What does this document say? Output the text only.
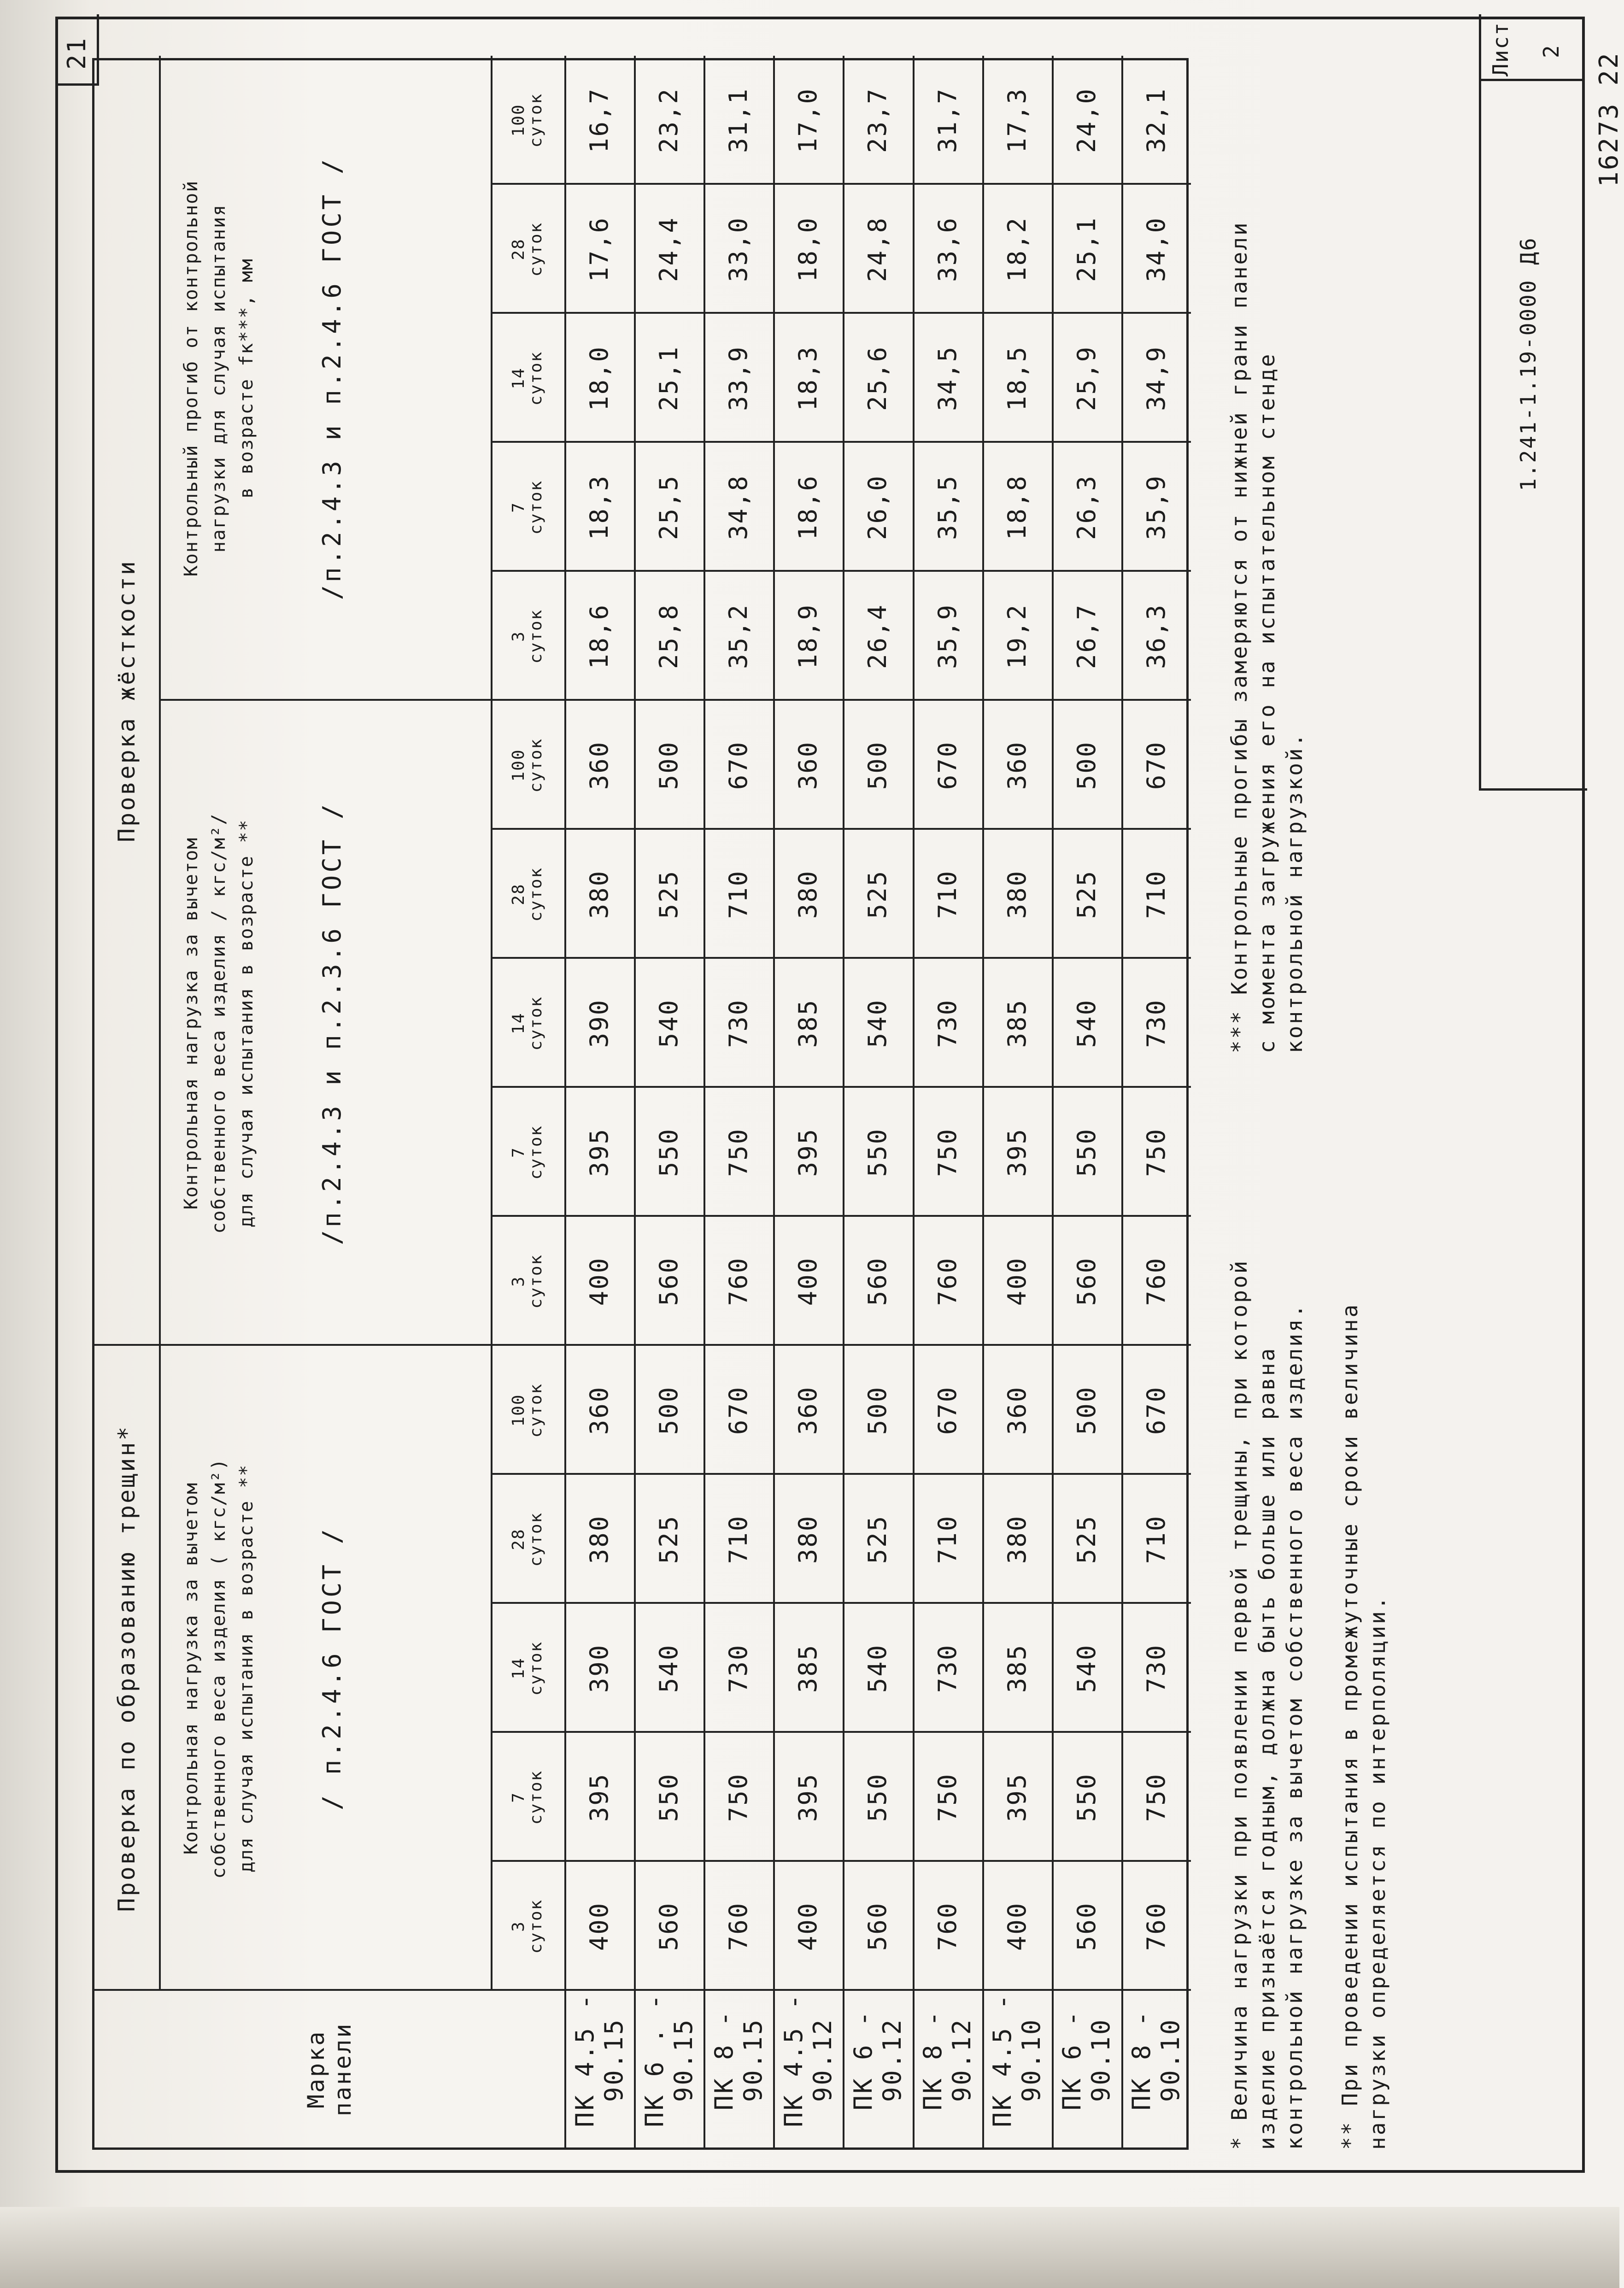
Марка панели
Проверка по образованию трещин*	Контрольная нагрузка за вычетом собственного веса изделия ( кгс/м²) для случая испытания в возрасте ** / п.2.4.6 ГОСТ /
3
суток
7
суток
14
суток
28
суток
100
суток
Проверка жёсткости
Контрольная нагрузка за вычетом собственного веса изделия / кгс/м²/ для случая испытания в возрасте ** /п.2.4.3 и п.2.3.6 ГОСТ /
3
суток
7
суток
14
суток
28
суток
100
суток
Контрольный прогиб от контрольной нагрузки для случая испытания в возрасте fк***, мм /п.2.4.3 и п.2.4.6 ГОСТ /
3
суток
7
суток
14
суток
28
суток
100
суток
ПК 4.5 - 90.15
400
395
390
380
360
400
395
390
380
360
18,6
18,3
18,0
17,6
16,7
ПК 6 . - 90.15
560
550
540
525
500
560
550
540
525
500
25,8
25,5
25,1
24,4
23,2
ПК 8 - 90.15
760
750
730
710
670
760
750
730
710
670
35,2
34,8
33,9
33,0
31,1
ПК 4.5 - 90.12
400
395
385
380
360
400
395
385
380
360
18,9
18,6
18,3
18,0
17,0
ПК 6 - 90.12
560
550
540
525
500
560
550
540
525
500
26,4
26,0
25,6
24,8
23,7
ПК 8 - 90.12
760
750
730
710
670
760
750
730
710
670
35,9
35,5
34,5
33,6
31,7
ПК 4.5 - 90.10
400
395
385
380
360
400
395
385
380
360
19,2
18,8
18,5
18,2
17,3
ПК 6 - 90.10
560
550
540
525
500
560
550
540
525
500
26,7
26,3
25,9
25,1
24,0
ПК 8 - 90.10
760
750
730
710
670
760
750
730
710
670
36,3
35,9
34,9
34,0
32,1
* Величина нагрузки при появлении первой трещины, при которой
изделие признаётся годным, должна быть больше или равна
контрольной нагрузке за вычетом собственного веса изделия.
** При проведении испытания в промежуточные сроки величина
нагрузки определяется по интерполяции.
*** Контрольные прогибы замеряются от нижней грани панели
с момента загружения его на испытательном стенде
контрольной нагрузкой.
Лист 2
1.241-1.19-0000 Д6
16273 22
21
